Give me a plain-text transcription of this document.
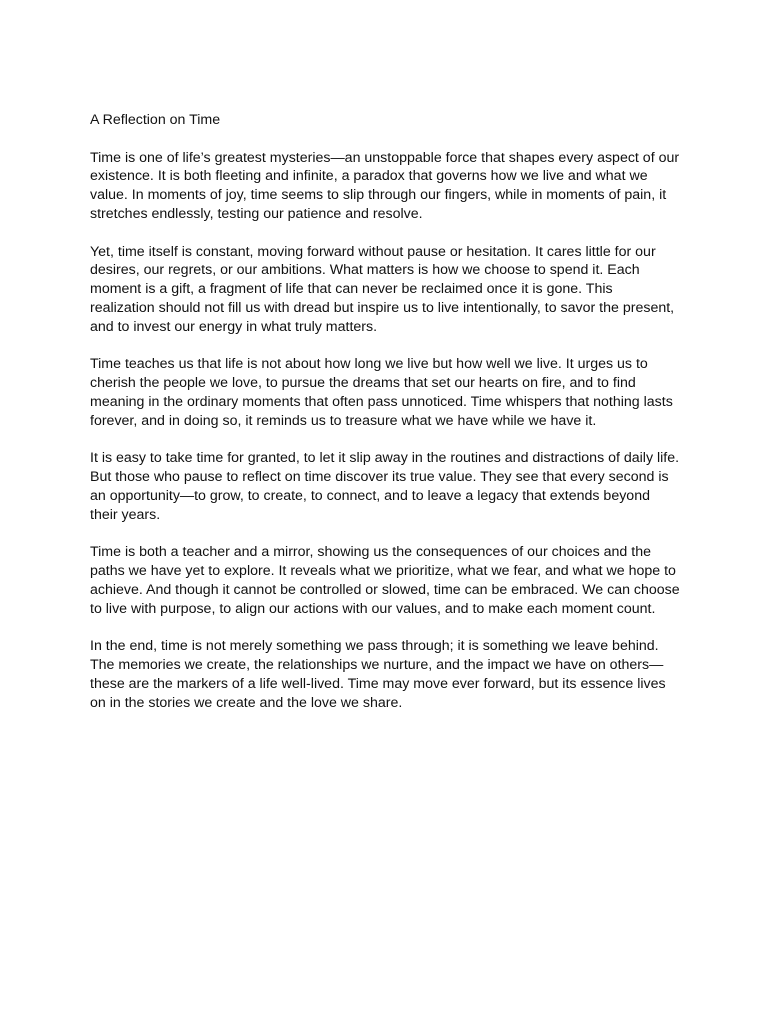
A Reflection on Time

Time is one of life’s greatest mysteries—an unstoppable force that shapes every aspect of our existence. It is both fleeting and infinite, a paradox that governs how we live and what we value. In moments of joy, time seems to slip through our fingers, while in moments of pain, it stretches endlessly, testing our patience and resolve.

Yet, time itself is constant, moving forward without pause or hesitation. It cares little for our desires, our regrets, or our ambitions. What matters is how we choose to spend it. Each moment is a gift, a fragment of life that can never be reclaimed once it is gone. This realization should not fill us with dread but inspire us to live intentionally, to savor the present, and to invest our energy in what truly matters.

Time teaches us that life is not about how long we live but how well we live. It urges us to cherish the people we love, to pursue the dreams that set our hearts on fire, and to find meaning in the ordinary moments that often pass unnoticed. Time whispers that nothing lasts forever, and in doing so, it reminds us to treasure what we have while we have it.

It is easy to take time for granted, to let it slip away in the routines and distractions of daily life. But those who pause to reflect on time discover its true value. They see that every second is an opportunity—to grow, to create, to connect, and to leave a legacy that extends beyond their years.

Time is both a teacher and a mirror, showing us the consequences of our choices and the paths we have yet to explore. It reveals what we prioritize, what we fear, and what we hope to achieve. And though it cannot be controlled or slowed, time can be embraced. We can choose to live with purpose, to align our actions with our values, and to make each moment count.

In the end, time is not merely something we pass through; it is something we leave behind. The memories we create, the relationships we nurture, and the impact we have on others—these are the markers of a life well-lived. Time may move ever forward, but its essence lives on in the stories we create and the love we share.
